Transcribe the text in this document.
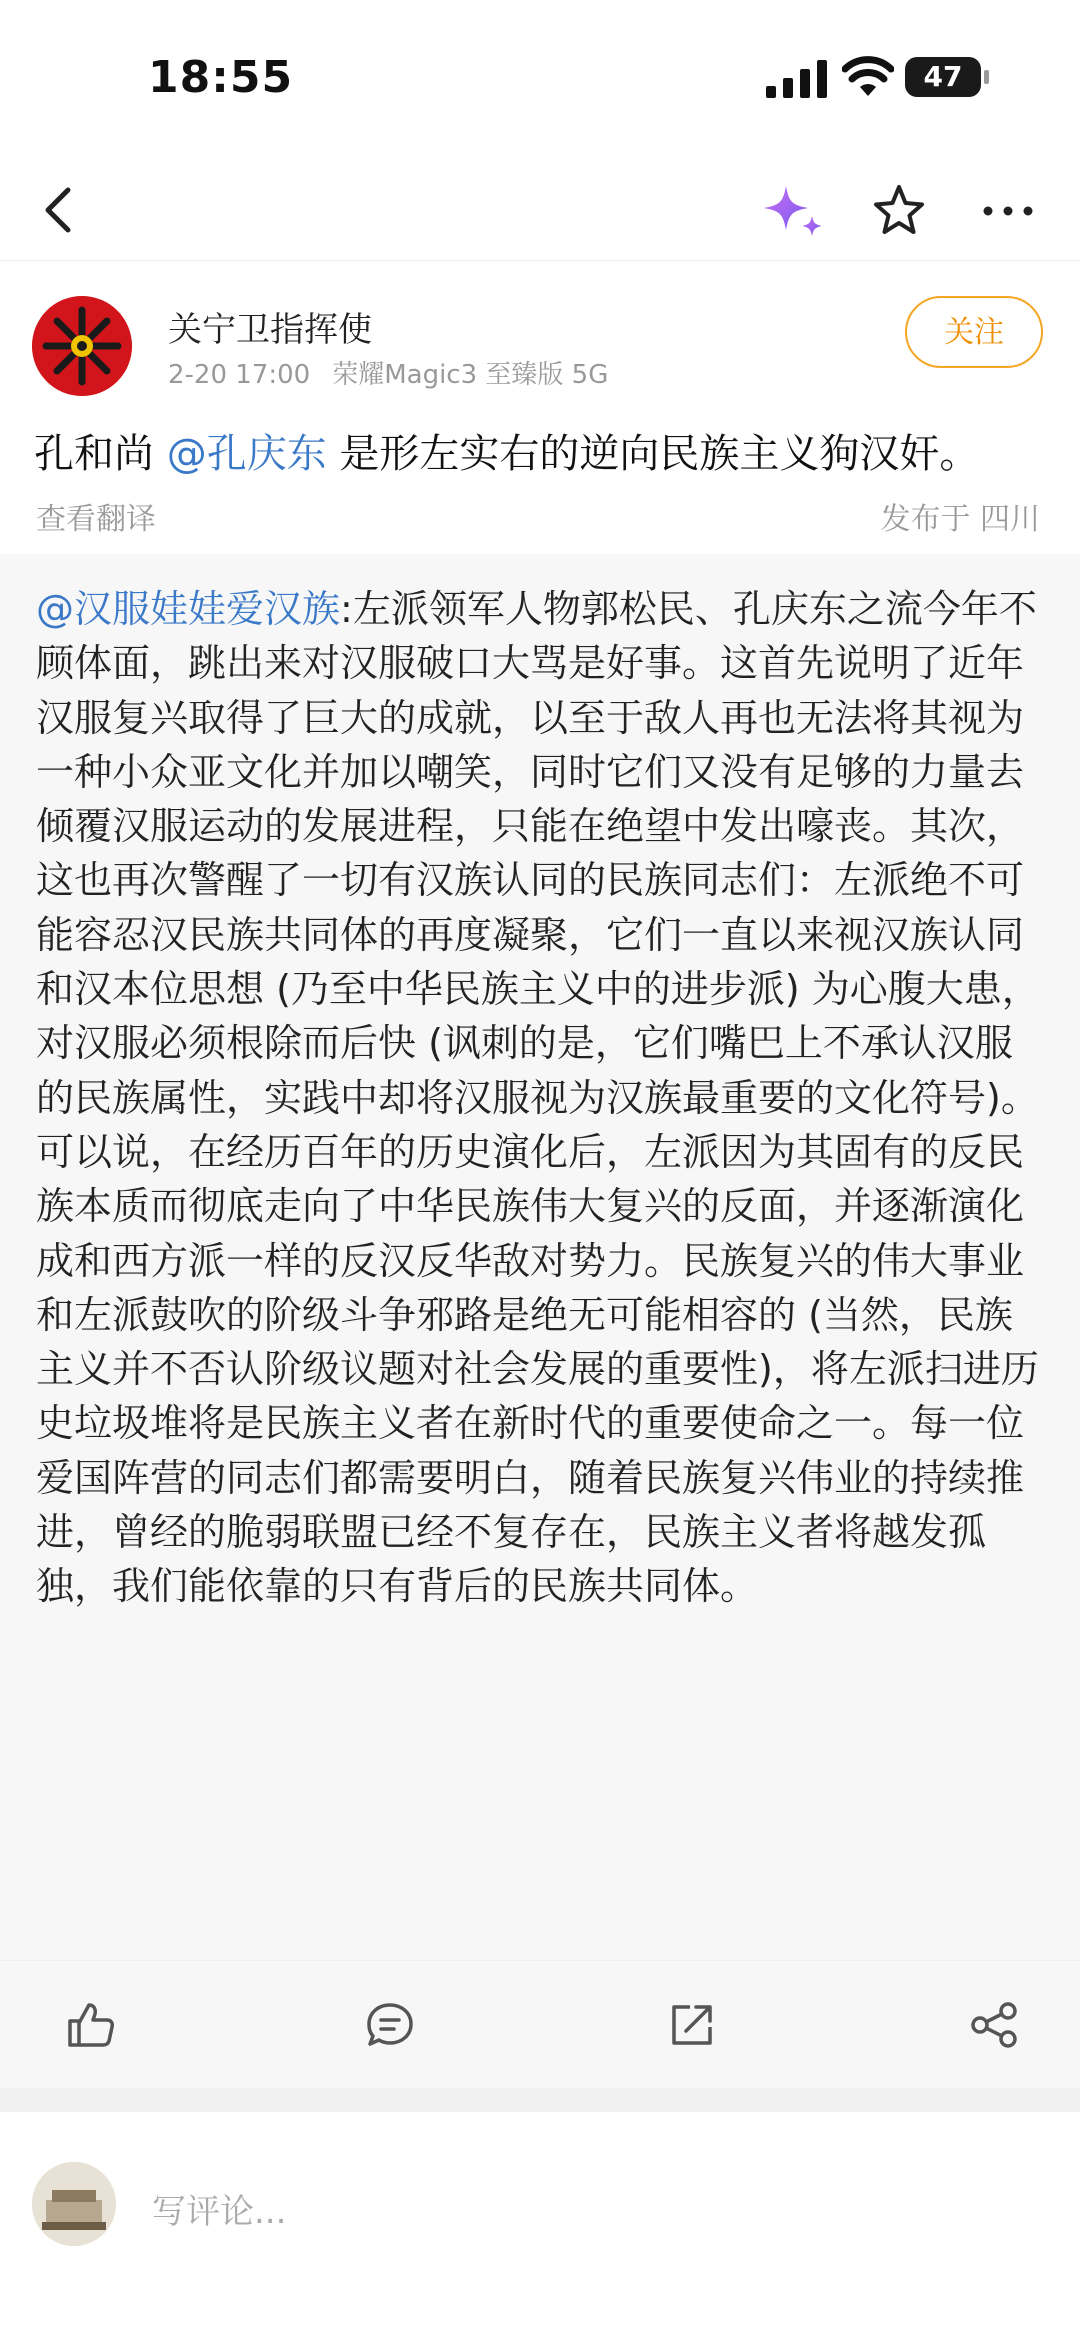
18:55	47
关宁卫指挥使
2-20 17:00 荣耀Magic3 至臻版 5G
关注
孔和尚 @孔庆东 是形左实右的逆向民族主义狗汉奸。
查看翻译	发布于 四川
@汉服娃娃爱汉族:左派领军人物郭松民、孔庆东之流今年不顾体面，跳出来对汉服破口大骂是好事。这首先说明了近年汉服复兴取得了巨大的成就，以至于敌人再也无法将其视为一种小众亚文化并加以嘲笑，同时它们又没有足够的力量去倾覆汉服运动的发展进程，只能在绝望中发出嚎丧。其次，这也再次警醒了一切有汉族认同的民族同志们：左派绝不可能容忍汉民族共同体的再度凝聚，它们一直以来视汉族认同和汉本位思想 (乃至中华民族主义中的进步派) 为心腹大患，对汉服必须根除而后快 (讽刺的是，它们嘴巴上不承认汉服的民族属性，实践中却将汉服视为汉族最重要的文化符号)。可以说，在经历百年的历史演化后，左派因为其固有的反民族本质而彻底走向了中华民族伟大复兴的反面，并逐渐演化成和西方派一样的反汉反华敌对势力。民族复兴的伟大事业和左派鼓吹的阶级斗争邪路是绝无可能相容的 (当然，民族主义并不否认阶级议题对社会发展的重要性)，将左派扫进历史垃圾堆将是民族主义者在新时代的重要使命之一。每一位爱国阵营的同志们都需要明白，随着民族复兴伟业的持续推进，曾经的脆弱联盟已经不复存在，民族主义者将越发孤独，我们能依靠的只有背后的民族共同体。
写评论...
